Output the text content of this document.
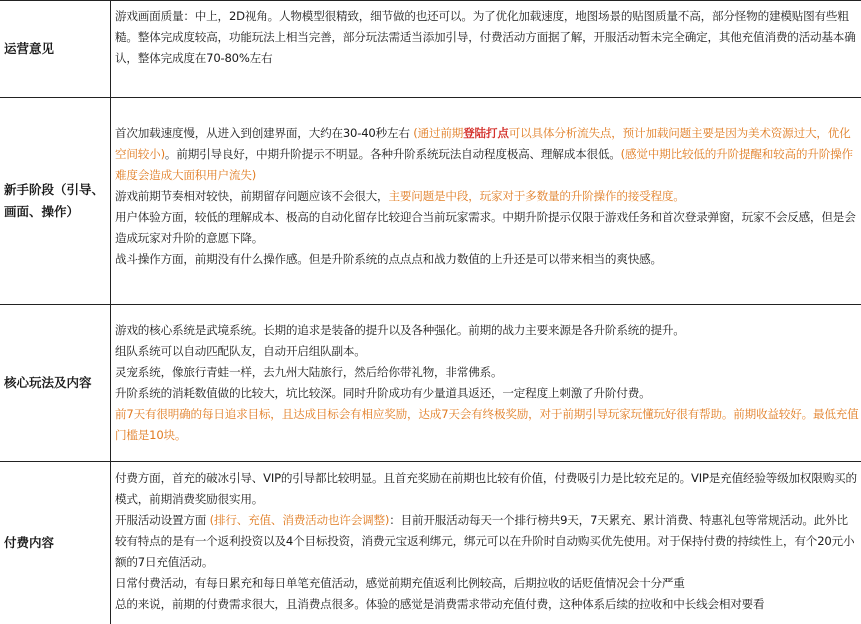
运营意见

游戏画面质量：中上，2D视角。人物模型很精致，细节做的也还可以。为了优化加载速度，地图场景的贴图质量不高，部分怪物的建模贴图有些粗糙。整体完成度较高，功能玩法上相当完善，部分玩法需适当添加引导，付费活动方面据了解，开服活动暂未完全确定，其他充值消费的活动基本确认，整体完成度在70-80%左右

新手阶段（引导、画面、操作）

首次加载速度慢，从进入到创建界面，大约在30-40秒左右 (通过前期登陆打点可以具体分析流失点，预计加载问题主要是因为美术资源过大，优化空间较小)。前期引导良好，中期升阶提示不明显。各种升阶系统玩法自动程度极高、理解成本很低。(感觉中期比较低的升阶提醒和较高的升阶操作难度会造成大面积用户流失)

游戏前期节奏相对较快，前期留存问题应该不会很大，主要问题是中段，玩家对于多数量的升阶操作的接受程度。

用户体验方面，较低的理解成本、极高的自动化留存比较迎合当前玩家需求。中期升阶提示仅限于游戏任务和首次登录弹窗，玩家不会反感，但是会造成玩家对升阶的意愿下降。

战斗操作方面，前期没有什么操作感。但是升阶系统的点点点和战力数值的上升还是可以带来相当的爽快感。

核心玩法及内容

游戏的核心系统是武境系统。长期的追求是装备的提升以及各种强化。前期的战力主要来源是各升阶系统的提升。

组队系统可以自动匹配队友，自动开启组队副本。

灵宠系统，像旅行青蛙一样，去九州大陆旅行，然后给你带礼物，非常佛系。

升阶系统的消耗数值做的比较大，坑比较深。同时升阶成功有少量道具返还，一定程度上刺激了升阶付费。

前7天有很明确的每日追求目标，且达成目标会有相应奖励，达成7天会有终极奖励，对于前期引导玩家玩懂玩好很有帮助。前期收益较好。最低充值门槛是10块。

付费内容

付费方面，首充的破冰引导、VIP的引导都比较明显。且首充奖励在前期也比较有价值，付费吸引力是比较充足的。VIP是充值经验等级加权限购买的模式，前期消费奖励很实用。

开服活动设置方面 (排行、充值、消费活动也许会调整)：目前开服活动每天一个排行榜共9天，7天累充、累计消费、特惠礼包等常规活动。此外比较有特点的是有一个返利投资以及4个目标投资，消费元宝返利绑元，绑元可以在升阶时自动购买优先使用。对于保持付费的持续性上，有个20元小额的7日充值活动。

日常付费活动，有每日累充和每日单笔充值活动，感觉前期充值返利比例较高，后期拉收的话贬值情况会十分严重

总的来说，前期的付费需求很大，且消费点很多。体验的感觉是消费需求带动充值付费，这种体系后续的拉收和中长线会相对要看
